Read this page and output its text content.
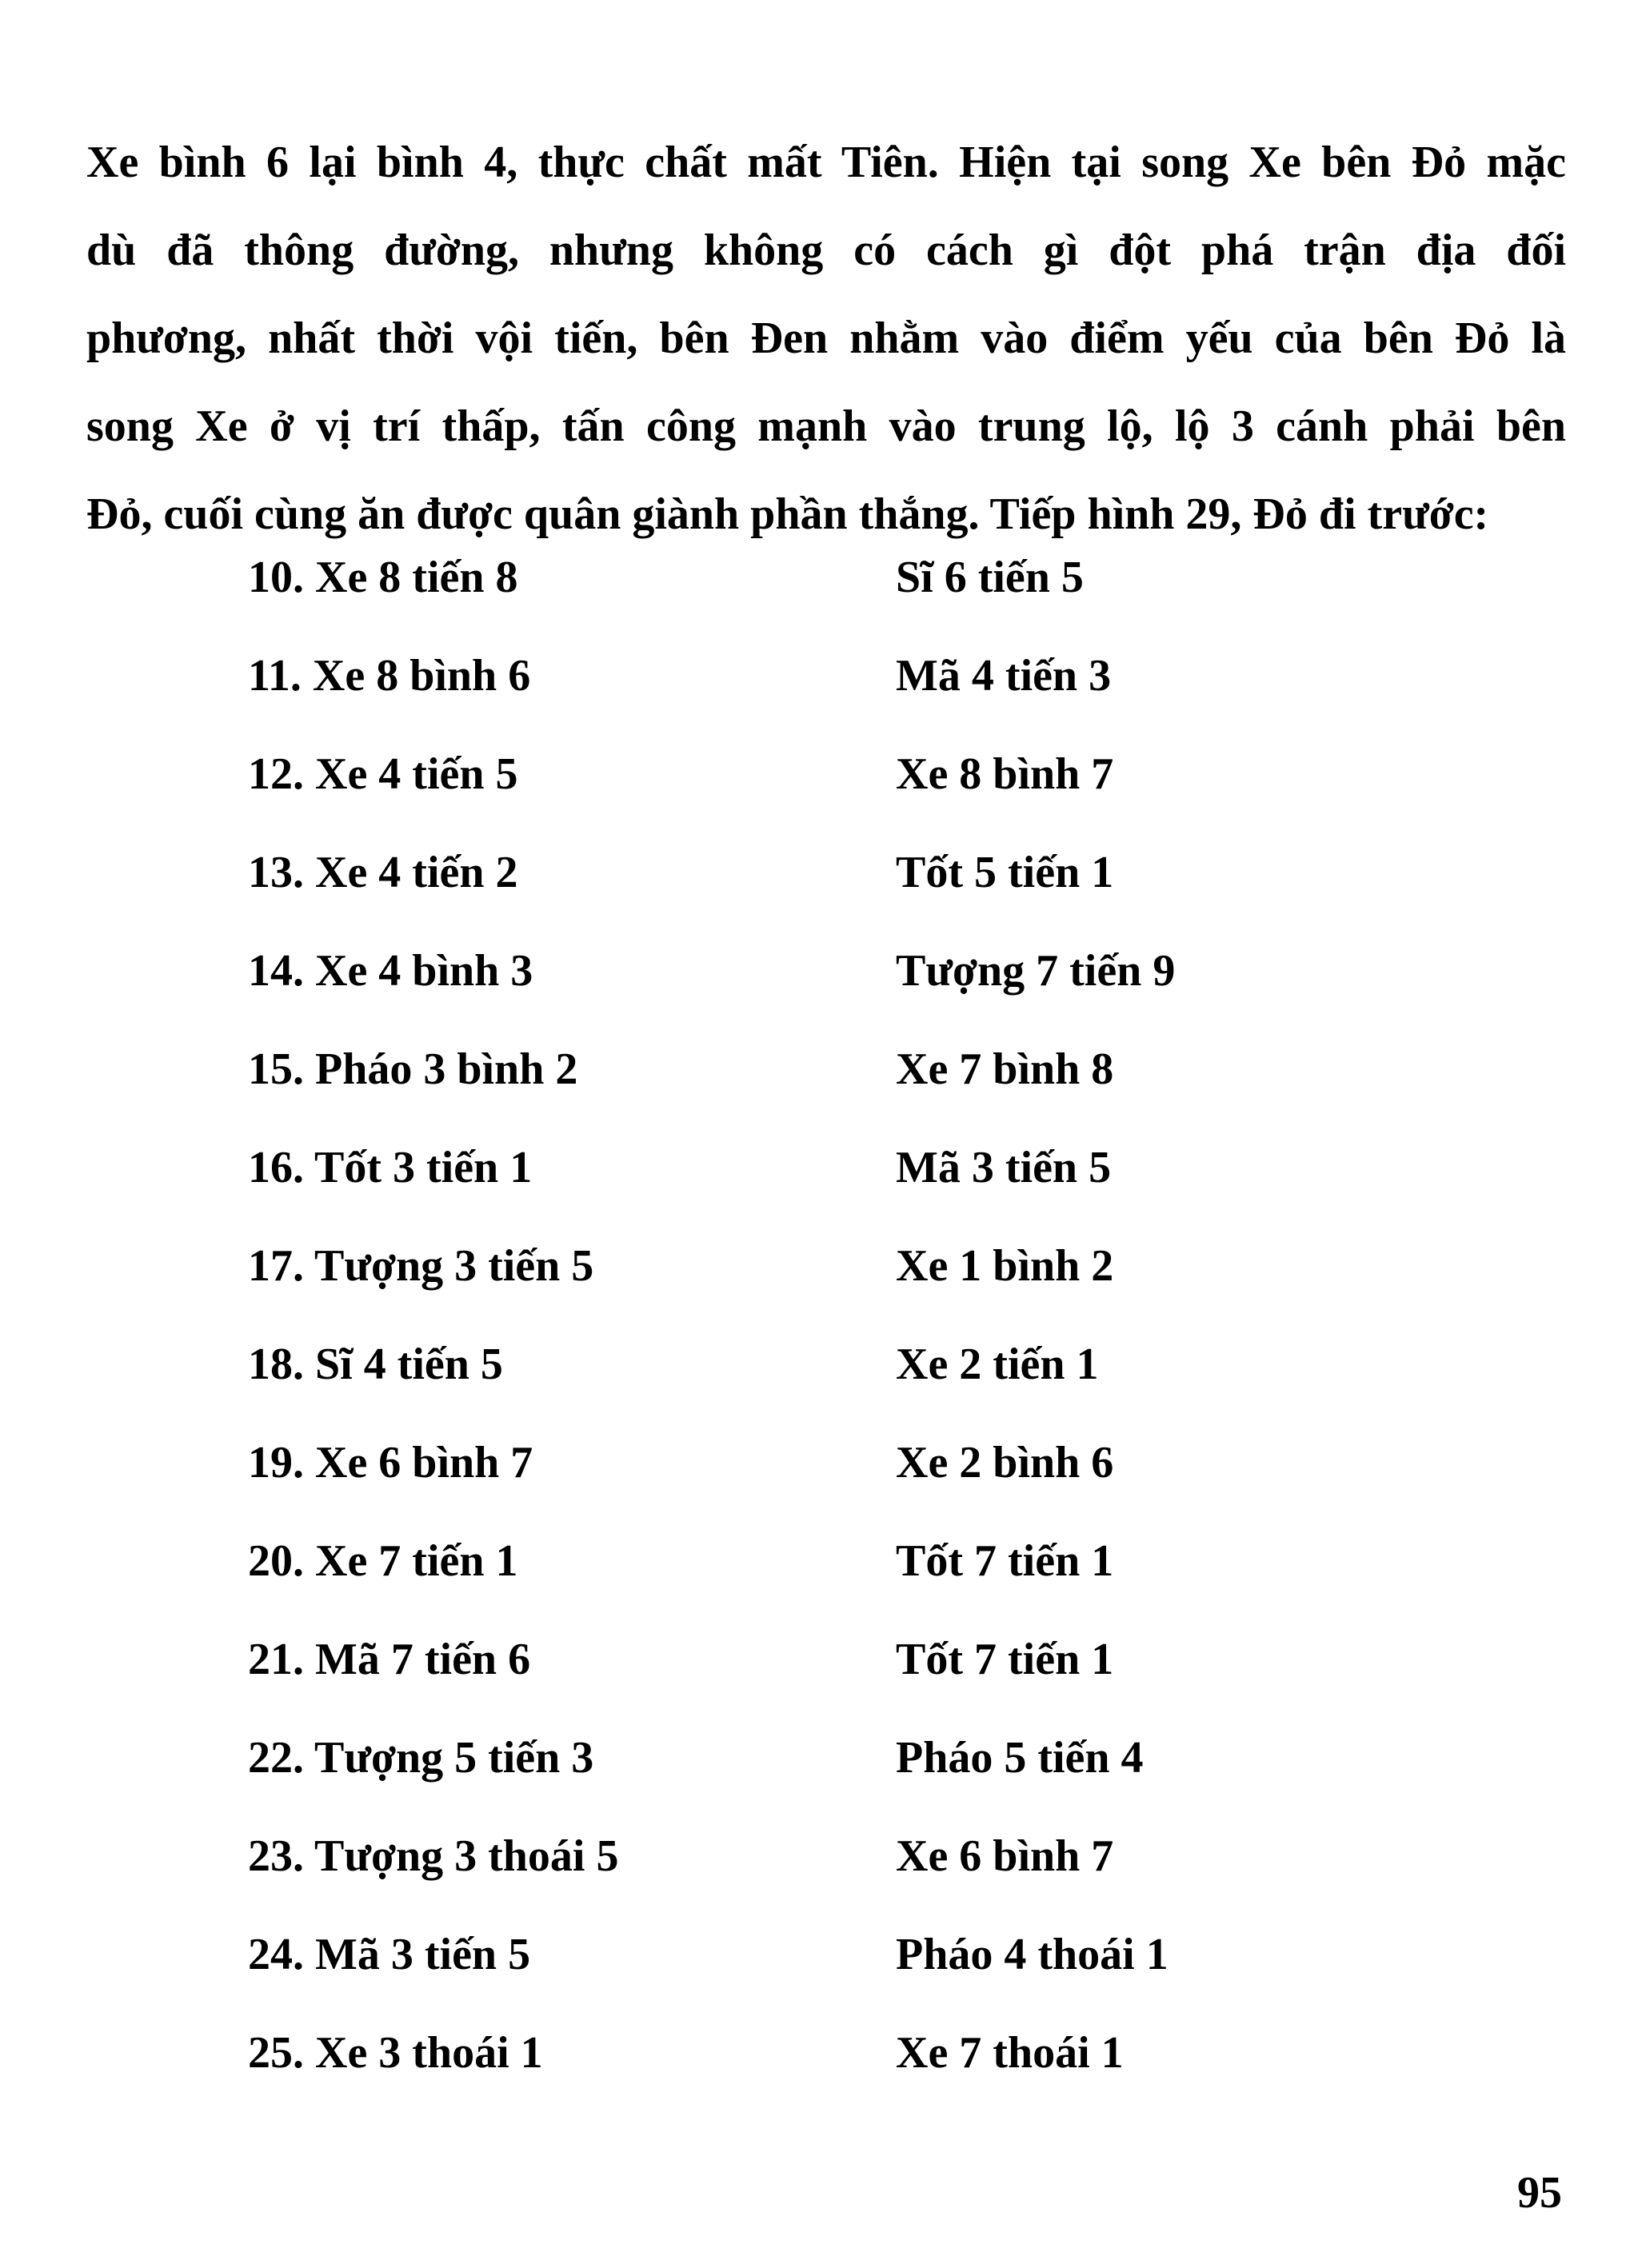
Xe bình 6 lại bình 4, thực chất mất Tiên. Hiện tại song Xe bên Đỏ mặc
dù đã thông đường, nhưng không có cách gì đột phá trận địa đối
phương, nhất thời vội tiến, bên Đen nhằm vào điểm yếu của bên Đỏ là
song Xe ở vị trí thấp, tấn công mạnh vào trung lộ, lộ 3 cánh phải bên
Đỏ, cuối cùng ăn được quân giành phần thắng. Tiếp hình 29, Đỏ đi trước:
10. Xe 8 tiến 8	Sĩ 6 tiến 5
11. Xe 8 bình 6	Mã 4 tiến 3
12. Xe 4 tiến 5	Xe 8 bình 7
13. Xe 4 tiến 2	Tốt 5 tiến 1
14. Xe 4 bình 3	Tượng 7 tiến 9
15. Pháo 3 bình 2	Xe 7 bình 8
16. Tốt 3 tiến 1	Mã 3 tiến 5
17. Tượng 3 tiến 5	Xe 1 bình 2
18. Sĩ 4 tiến 5	Xe 2 tiến 1
19. Xe 6 bình 7	Xe 2 bình 6
20. Xe 7 tiến 1	Tốt 7 tiến 1
21. Mã 7 tiến 6	Tốt 7 tiến 1
22. Tượng 5 tiến 3	Pháo 5 tiến 4
23. Tượng 3 thoái 5	Xe 6 bình 7
24. Mã 3 tiến 5	Pháo 4 thoái 1
25. Xe 3 thoái 1	Xe 7 thoái 1
95
